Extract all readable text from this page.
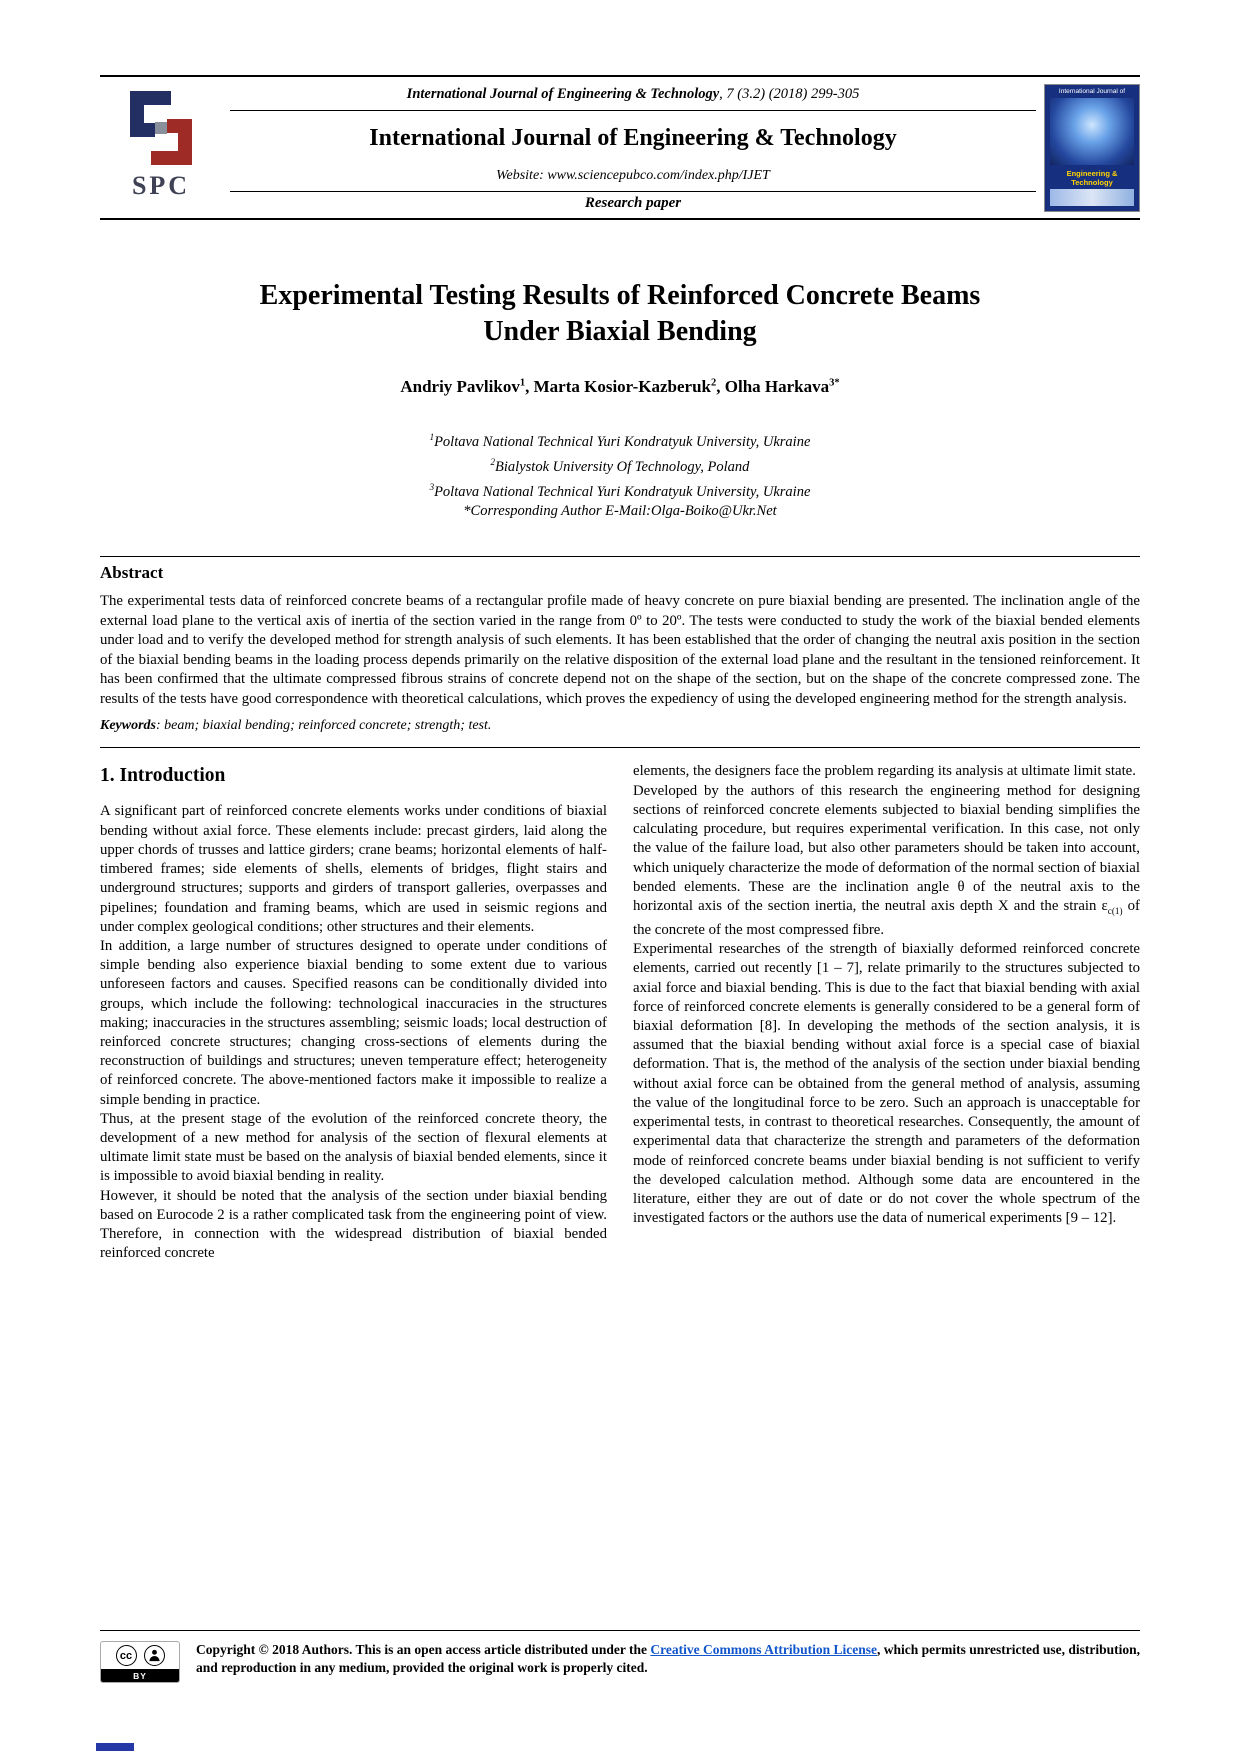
SPC
International Journal of Engineering & Technology, 7 (3.2) (2018) 299-305
International Journal of Engineering & Technology
Website: www.sciencepubco.com/index.php/IJET
Research paper
International Journal of
Engineering & Technology
Experimental Testing Results of Reinforced Concrete Beams
Under Biaxial Bending
Andriy Pavlikov$^1$, Marta Kosior-Kazberuk$^2$, Olha Harkava$^{3*}$
$^1$Poltava National Technical Yuri Kondratyuk University, Ukraine
$^2$Bialystok University Of Technology, Poland
$^3$Poltava National Technical Yuri Kondratyuk University, Ukraine
*Corresponding Author E-Mail:Olga-Boiko@Ukr.Net
Abstract

The experimental tests data of reinforced concrete beams of a rectangular profile made of heavy concrete on pure biaxial bending are presented. The inclination angle of the external load plane to the vertical axis of inertia of the section varied in the range from 0º to 20º. The tests were conducted to study the work of the biaxial bended elements under load and to verify the developed method for strength analysis of such elements. It has been established that the order of changing the neutral axis position in the section of the biaxial bending beams in the loading process depends primarily on the relative disposition of the external load plane and the resultant in the tensioned reinforcement. It has been confirmed that the ultimate compressed fibrous strains of concrete depend not on the shape of the section, but on the shape of the concrete compressed zone. The results of the tests have good correspondence with theoretical calculations, which proves the expediency of using the developed engineering method for the strength analysis.

Keywords: beam; biaxial bending; reinforced concrete; strength; test.

1. Introduction

A significant part of reinforced concrete elements works under conditions of biaxial bending without axial force. These elements include: precast girders, laid along the upper chords of trusses and lattice girders; crane beams; horizontal elements of half-timbered frames; side elements of shells, elements of bridges, flight stairs and underground structures; supports and girders of transport galleries, overpasses and pipelines; foundation and framing beams, which are used in seismic regions and under complex geological conditions; other structures and their elements.

In addition, a large number of structures designed to operate under conditions of simple bending also experience biaxial bending to some extent due to various unforeseen factors and causes. Specified reasons can be conditionally divided into groups, which include the following: technological inaccuracies in the structures making; inaccuracies in the structures assembling; seismic loads; local destruction of reinforced concrete structures; changing cross-sections of elements during the reconstruction of buildings and structures; uneven temperature effect; heterogeneity of reinforced concrete. The above-mentioned factors make it impossible to realize a simple bending in practice.

Thus, at the present stage of the evolution of the reinforced concrete theory, the development of a new method for analysis of the section of flexural elements at ultimate limit state must be based on the analysis of biaxial bended elements, since it is impossible to avoid biaxial bending in reality.

However, it should be noted that the analysis of the section under biaxial bending based on Eurocode 2 is a rather complicated task from the engineering point of view. Therefore, in connection with the widespread distribution of biaxial bended reinforced concrete

elements, the designers face the problem regarding its analysis at ultimate limit state.

Developed by the authors of this research the engineering method for designing sections of reinforced concrete elements subjected to biaxial bending simplifies the calculating procedure, but requires experimental verification. In this case, not only the value of the failure load, but also other parameters should be taken into account, which uniquely characterize the mode of deformation of the normal section of biaxial bended elements. These are the inclination angle θ of the neutral axis to the horizontal axis of the section inertia, the neutral axis depth X and the strain $\varepsilon_{c(1)}$ of the concrete of the most compressed fibre.

Experimental researches of the strength of biaxially deformed reinforced concrete elements, carried out recently [1 – 7], relate primarily to the structures subjected to axial force and biaxial bending. This is due to the fact that biaxial bending with axial force of reinforced concrete elements is generally considered to be a general form of biaxial deformation [8]. In developing the methods of the section analysis, it is assumed that the biaxial bending without axial force is a special case of biaxial deformation. That is, the method of the analysis of the section under biaxial bending without axial force can be obtained from the general method of analysis, assuming the value of the longitudinal force to be zero. Such an approach is unacceptable for experimental tests, in contrast to theoretical researches. Consequently, the amount of experimental data that characterize the strength and parameters of the deformation mode of reinforced concrete beams under biaxial bending is not sufficient to verify the developed calculation method. Although some data are encountered in the literature, either they are out of date or do not cover the whole spectrum of the investigated factors or the authors use the data of numerical experiments [9 – 12].

cc
BY

Copyright © 2018 Authors. This is an open access article distributed under the Creative Commons Attribution License, which permits unrestricted use, distribution, and reproduction in any medium, provided the original work is properly cited.
